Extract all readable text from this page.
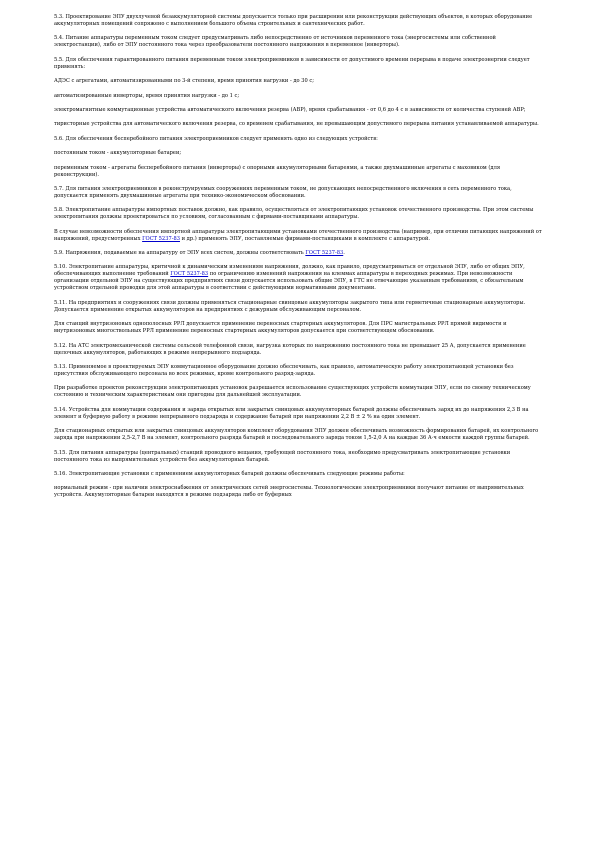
5.3. Проектирование ЭПУ двухлучевой безаккумуляторной системы допускается только при расширении или реконструкции действующих объектов, в которых оборудование аккумуляторных помещений сопряжено с выполнением большого объема строительных и сантехнических работ.

5.4. Питание аппаратуры переменным током следует предусматривать либо непосредственно от источников переменного тока (энергосистемы или собственной электростанции), либо от ЭПУ постоянного тока через преобразователи постоянного напряжения в переменное (инверторы).

5.5. Для обеспечения гарантированного питания переменным током электроприемников в зависимости от допустимого времени перерыва в подаче электроэнергии следует применять:

АДЭС с агрегатами, автоматизированными по 3-й степени, время принятия нагрузки - до 30 с;

автоматизированные инверторы, время принятия нагрузки - до 1 с;

электромагнитные коммутационные устройства автоматического включения резерва (АВР), время срабатывания - от 0,6 до 4 с в зависимости от количества ступеней АВР;

тиристорные устройства для автоматического включения резерва, со временем срабатывания, не превышающим допустимого перерыва питания устанавливаемой аппаратуры.

5.6. Для обеспечения бесперебойного питания электроприемников следует применять одно из следующих устройств:

постоянным током - аккумуляторные батареи;

переменным током - агрегаты бесперебойного питания (инверторы) с опорными аккумуляторными батареями, а также двухмашинные агрегаты с маховиком (для реконструкции).

5.7. Для питания электроприемников в реконструируемых сооружениях переменным током, не допускающих непосредственного включения в сеть переменного тока, допускается применять двухмашинные агрегаты при технико-экономическом обосновании.

5.8. Электропитание аппаратуры импортных поставок должно, как правило, осуществляться от электропитающих установок отечественного производства. При этом системы электропитания должны проектироваться по условиям, согласованным с фирмами-поставщиками аппаратуры.

В случае невозможности обеспечения импортной аппаратуры электропитающими установками отечественного производства (например, при отличии питающих напряжений от напряжений, предусмотренных ГОСТ 5237-83 и др.) применять ЭПУ, поставляемые фирмами-поставщиками в комплекте с аппаратурой.

5.9. Напряжения, подаваемые на аппаратуру от ЭПУ всех систем, должны соответствовать ГОСТ 5237-83.

5.10. Электропитание аппаратуры, критичной к динамическим изменениям напряжения, должно, как правило, предусматриваться от отдельной ЭПУ, либо от общих ЭПУ, обеспечивающих выполнение требований ГОСТ 5237-83 по ограничению изменений напряжения на клеммах аппаратуры в переходных режимах. При невозможности организации отдельной ЭПУ на существующих предприятиях связи допускается использовать общие ЭПУ, в ГТС не отвечающие указанным требованиям, с обязательным устройством отдельной проводки для этой аппаратуры в соответствии с действующими нормативными документами.

5.11. На предприятиях и сооружениях связи должны применяться стационарные свинцовые аккумуляторы закрытого типа или герметичные стационарные аккумуляторы. Допускается применение открытых аккумуляторов на предприятиях с дежурным обслуживающим персоналом.

Для станций внутризоновых однополосных РРЛ допускается применение переносных стартерных аккумуляторов. Для ПРС магистральных РРЛ прямой видимости и внутризоновых многоствольных РРЛ применение переносных стартерных аккумуляторов допускается при соответствующем обосновании.

5.12. На АТС электромеханической системы сельской телефонной связи, нагрузка которых по напряжению постоянного тока не превышает 25 А, допускается применение щелочных аккумуляторов, работающих в режиме непрерывного подзаряда.

5.13. Применяемое в проектируемых ЭПУ коммутационное оборудование должно обеспечивать, как правило, автоматическую работу электропитающей установки без присутствия обслуживающего персонала во всех режимах, кроме контрольного разряд-заряда.

При разработке проектов реконструкции электропитающих установок разрешается использование существующих устройств коммутации ЭПУ, если по своему техническому состоянию и техническим характеристикам они пригодны для дальнейшей эксплуатации.

5.14. Устройства для коммутации содержания и заряда открытых или закрытых свинцовых аккумуляторных батарей должны обеспечивать заряд их до напряжения 2,3 В на элемент и буферную работу в режиме непрерывного подзаряда и содержание батарей при напряжении 2,2 В ± 2 % на один элемент.

Для стационарных открытых или закрытых свинцовых аккумуляторов комплект оборудования ЭПУ должен обеспечивать возможность формирования батарей, их контрольного заряда при напряжении 2,5-2,7 В на элемент, контрольного разряда батарей и последовательного заряда током 1,5-2,0 А на каждые 36 А·ч емкости каждой группы батарей.

5.15. Для питания аппаратуры (центральных) станций проводного вещания, требующей постоянного тока, необходимо предусматривать электропитающие установки постоянного тока из выпрямительных устройств без аккумуляторных батарей.

5.16. Электропитающие установки с применением аккумуляторных батарей должны обеспечивать следующие режимы работы:

нормальный режим - при наличии электроснабжения от электрических сетей энергосистемы. Технологические электроприемники получают питание от выпрямительных устройств. Аккумуляторные батареи находятся в режиме подзаряда либо от буферных
